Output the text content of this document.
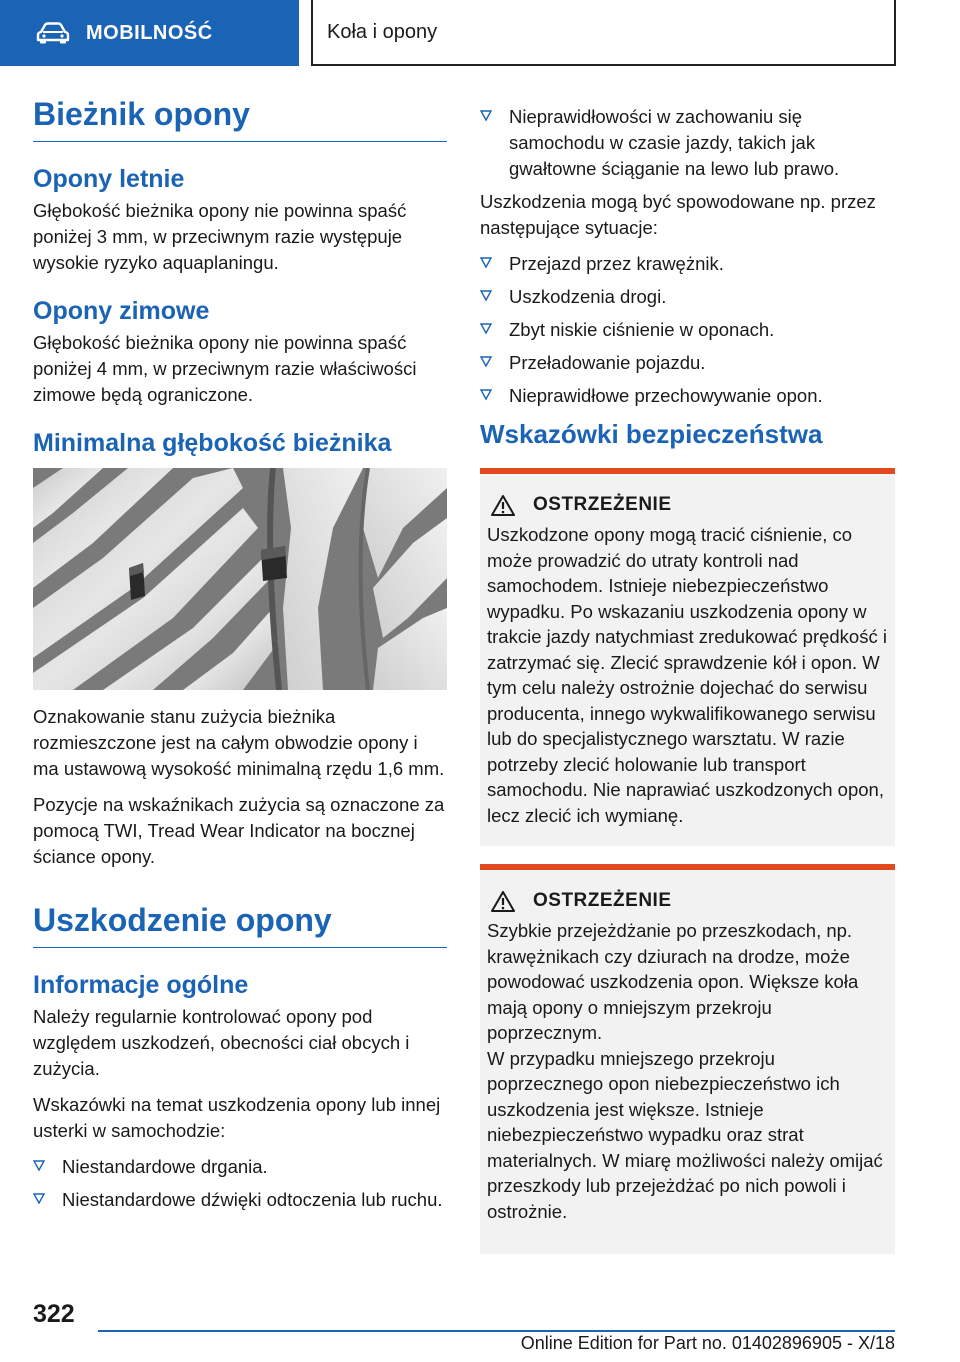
MOBILNOŚĆ	Koła i opony
Bieżnik opony
Opony letnie

Głębokość bieżnika opony nie powinna spaść poniżej 3 mm, w przeciwnym razie występuje wysokie ryzyko aquaplaningu.

Opony zimowe

Głębokość bieżnika opony nie powinna spaść poniżej 4 mm, w przeciwnym razie właściwości zimowe będą ograniczone.

Minimalna głębokość bieżnika

Oznakowanie stanu zużycia bieżnika rozmieszczone jest na całym obwodzie opony i ma ustawową wysokość minimalną rzędu 1,6 mm.

Pozycje na wskaźnikach zużycia są oznaczone za pomocą TWI, Tread Wear Indicator na bocznej ściance opony.

Uszkodzenie opony
Informacje ogólne

Należy regularnie kontrolować opony pod względem uszkodzeń, obecności ciał obcych i zużycia.

Wskazówki na temat uszkodzenia opony lub innej usterki w samochodzie:

Niestandardowe drgania.
Niestandardowe dźwięki odtoczenia lub ruchu.
Nieprawidłowości w zachowaniu się samochodu w czasie jazdy, takich jak gwałtowne ściąganie na lewo lub prawo.

Uszkodzenia mogą być spowodowane np. przez następujące sytuacje:

Przejazd przez krawężnik.
Uszkodzenia drogi.
Zbyt niskie ciśnienie w oponach.
Przeładowanie pojazdu.
Nieprawidłowe przechowywanie opon.
Wskazówki bezpieczeństwa
OSTRZEŻENIE

Uszkodzone opony mogą tracić ciśnienie, co może prowadzić do utraty kontroli nad samochodem. Istnieje niebezpieczeństwo wypadku. Po wskazaniu uszkodzenia opony w trakcie jazdy natychmiast zredukować prędkość i zatrzymać się. Zlecić sprawdzenie kół i opon. W tym celu należy ostrożnie dojechać do serwisu producenta, innego wykwalifikowanego serwisu lub do specjalistycznego warsztatu. W razie potrzeby zlecić holowanie lub transport samochodu. Nie naprawiać uszkodzonych opon, lecz zlecić ich wymianę.

OSTRZEŻENIE

Szybkie przejeżdżanie po przeszkodach, np. krawężnikach czy dziurach na drodze, może powodować uszkodzenia opon. Większe koła mają opony o mniejszym przekroju poprzecznym.

W przypadku mniejszego przekroju poprzecznego opon niebezpieczeństwo ich uszkodzenia jest większe. Istnieje niebezpieczeństwo wypadku oraz strat materialnych. W miarę możliwości należy omijać przeszkody lub przejeżdżać po nich powoli i ostrożnie.

322
Online Edition for Part no. 01402896905 - X/18
